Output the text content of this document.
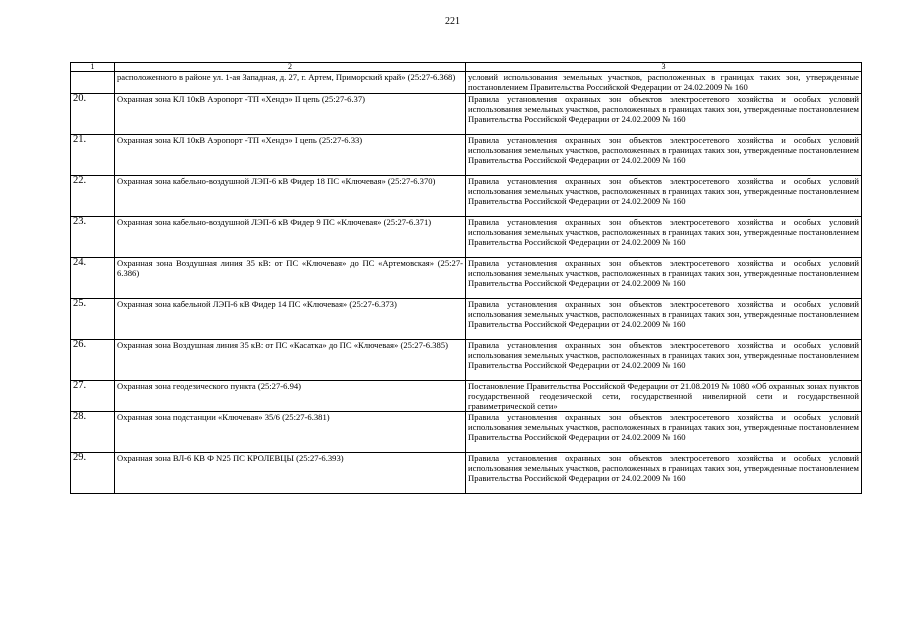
221
1	2	3
	расположенного в районе ул. 1-ая Западная, д. 27, г. Артем, Приморский край» (25:27-6.368)	условий использования земельных участков, расположенных в границах таких зон, утвержденные постановлением Правительства Российской Федерации от 24.02.2009 № 160
20.	Охранная зона КЛ 10кВ Аэропорт -ТП «Хендэ» II цепь (25:27-6.37)	Правила установления охранных зон объектов электросетевого хозяйства и особых условий использования земельных участков, расположенных в границах таких зон, утвержденные постановлением Правительства Российской Федерации от 24.02.2009 № 160
21.	Охранная зона КЛ 10кВ Аэропорт -ТП «Хендэ» I цепь (25:27-6.33)	Правила установления охранных зон объектов электросетевого хозяйства и особых условий использования земельных участков, расположенных в границах таких зон, утвержденные постановлением Правительства Российской Федерации от 24.02.2009 № 160
22.	Охранная зона кабельно-воздушной ЛЭП-6 кВ Фидер 18 ПС «Ключевая» (25:27-6.370)	Правила установления охранных зон объектов электросетевого хозяйства и особых условий использования земельных участков, расположенных в границах таких зон, утвержденные постановлением Правительства Российской Федерации от 24.02.2009 № 160
23.	Охранная зона кабельно-воздушной ЛЭП-6 кВ Фидер 9 ПС «Ключевая» (25:27-6.371)	Правила установления охранных зон объектов электросетевого хозяйства и особых условий использования земельных участков, расположенных в границах таких зон, утвержденные постановлением Правительства Российской Федерации от 24.02.2009 № 160
24.	Охранная зона Воздушная линия 35 кВ: от ПС «Ключевая» до ПС «Артемовская» (25:27-6.386)	Правила установления охранных зон объектов электросетевого хозяйства и особых условий использования земельных участков, расположенных в границах таких зон, утвержденные постановлением Правительства Российской Федерации от 24.02.2009 № 160
25.	Охранная зона кабельной ЛЭП-6 кВ Фидер 14 ПС «Ключевая» (25:27-6.373)	Правила установления охранных зон объектов электросетевого хозяйства и особых условий использования земельных участков, расположенных в границах таких зон, утвержденные постановлением Правительства Российской Федерации от 24.02.2009 № 160
26.	Охранная зона Воздушная линия 35 кВ: от ПС «Касатка» до ПС «Ключевая» (25:27-6.385)	Правила установления охранных зон объектов электросетевого хозяйства и особых условий использования земельных участков, расположенных в границах таких зон, утвержденные постановлением Правительства Российской Федерации от 24.02.2009 № 160
27.	Охранная зона геодезического пункта (25:27-6.94)	Постановление Правительства Российской Федерации от 21.08.2019 № 1080 «Об охранных зонах пунктов государственной геодезической сети, государственной нивелирной сети и государственной гравиметрической сети»
28.	Охранная зона подстанции «Ключевая» 35/6 (25:27-6.381)	Правила установления охранных зон объектов электросетевого хозяйства и особых условий использования земельных участков, расположенных в границах таких зон, утвержденные постановлением Правительства Российской Федерации от 24.02.2009 № 160
29.	Охранная зона ВЛ-6 КВ Ф N25 ПС КРОЛЕВЦЫ (25:27-6.393)	Правила установления охранных зон объектов электросетевого хозяйства и особых условий использования земельных участков, расположенных в границах таких зон, утвержденные постановлением Правительства Российской Федерации от 24.02.2009 № 160
